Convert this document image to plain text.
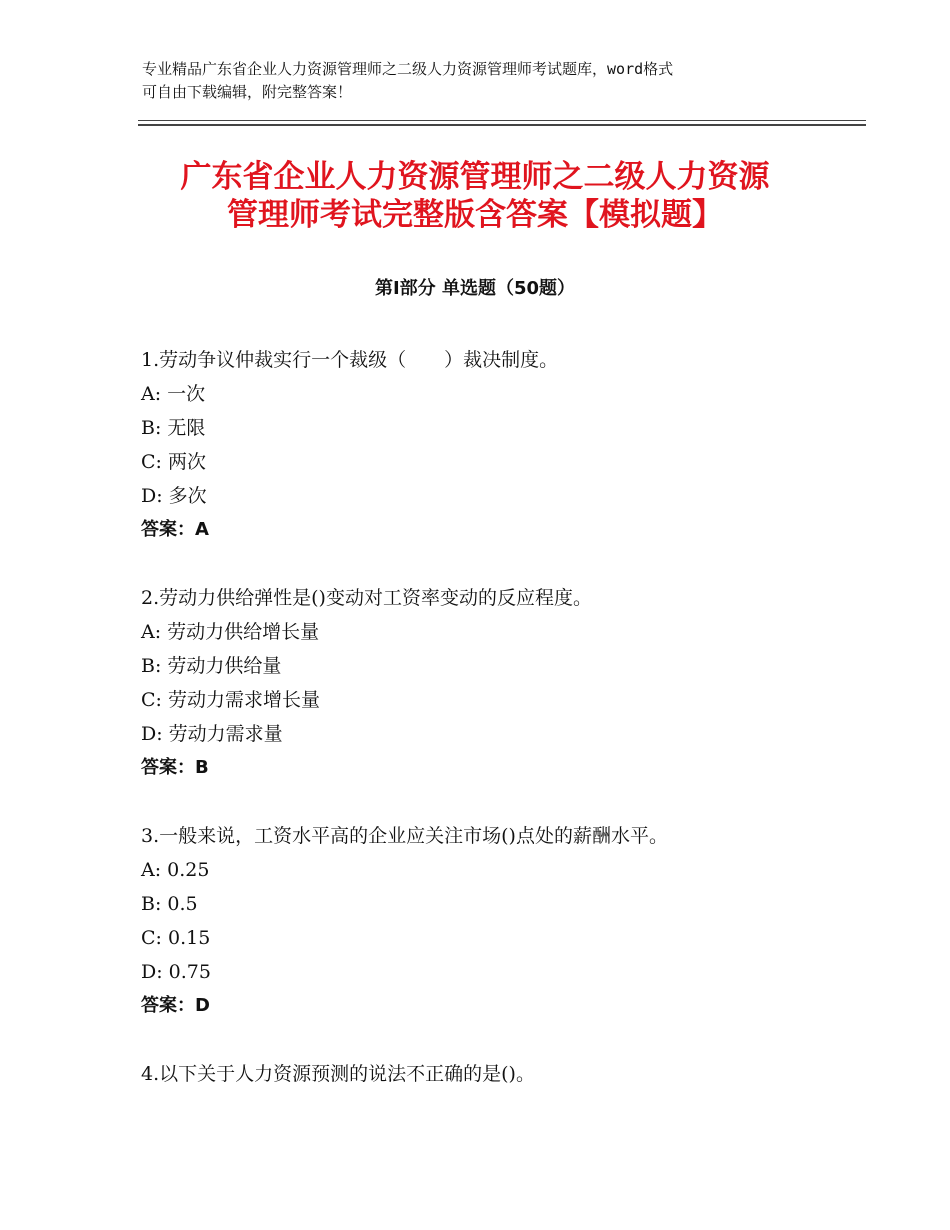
专业精品广东省企业人力资源管理师之二级人力资源管理师考试题库，word格式
可自由下载编辑，附完整答案！
广东省企业人力资源管理师之二级人力资源
管理师考试完整版含答案【模拟题】
第Ⅰ部分 单选题（50题）
1.劳动争议仲裁实行一个裁级（　　）裁决制度。
A: 一次
B: 无限
C: 两次
D: 多次
答案：A
2.劳动力供给弹性是()变动对工资率变动的反应程度。
A: 劳动力供给增长量
B: 劳动力供给量
C: 劳动力需求增长量
D: 劳动力需求量
答案：B
3.一般来说，工资水平高的企业应关注市场()点处的薪酬水平。
A: 0.25
B: 0.5
C: 0.15
D: 0.75
答案：D
4.以下关于人力资源预测的说法不正确的是()。
